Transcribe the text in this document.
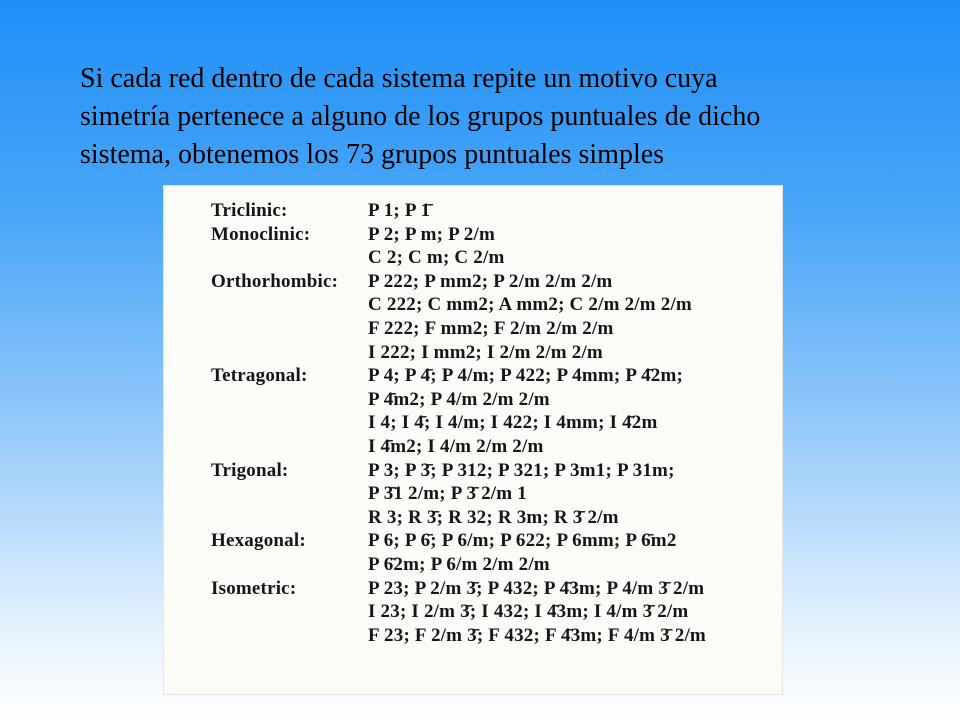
Si cada red dentro de cada sistema repite un motivo cuya
simetría pertenece a alguno de los grupos puntuales de dicho
sistema, obtenemos los 73 grupos puntuales simples
Triclinic:	P 1; P 1̄
Monoclinic:	P 2; P m; P 2/m
C 2; C m; C 2/m
Orthorhombic: P 222; P mm2; P 2/m 2/m 2/m
C 222; C mm2; A mm2; C 2/m 2/m 2/m
F 222; F mm2; F 2/m 2/m 2/m
I 222; I mm2; I 2/m 2/m 2/m
Tetragonal:	P 4; P 4̄; P 4/m; P 422; P 4mm; P 4̄2m;
P 4̄m2; P 4/m 2/m 2/m
I 4; I 4̄; I 4/m; I 422; I 4mm; I 4̄2m
I 4̄m2; I 4/m 2/m 2/m
Trigonal:	P 3; P 3̄; P 312; P 321; P 3m1; P 31m;
P 3̄1 2/m; P 3̄ 2/m 1
R 3; R 3̄; R 32; R 3m; R 3̄ 2/m
Hexagonal:	P 6; P 6̄; P 6/m; P 622; P 6mm; P 6̄m2
P 6̄2m; P 6/m 2/m 2/m
Isometric:	P 23; P 2/m 3̄; P 432; P 4̄3m; P 4/m 3̄ 2/m
I 23; I 2/m 3̄; I 432; I 4̄3m; I 4/m 3̄ 2/m
F 23; F 2/m 3̄; F 432; F 4̄3m; F 4/m 3̄ 2/m
